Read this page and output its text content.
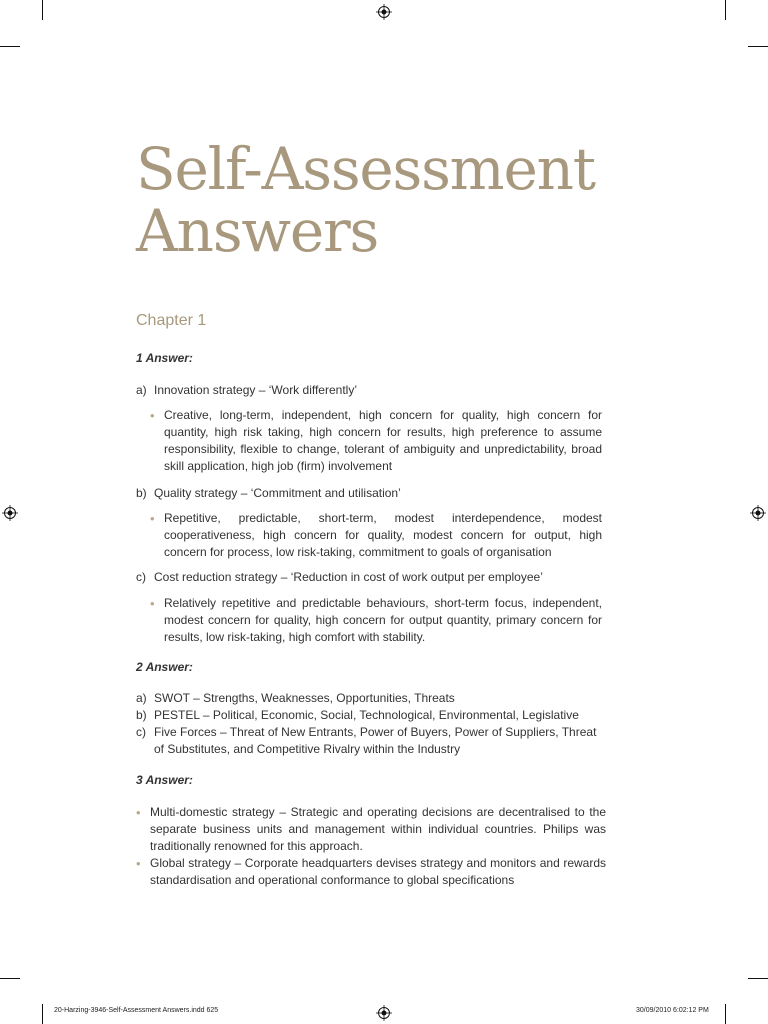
Self-Assessment
Answers
Chapter 1
1 Answer:
a) Innovation strategy – ‘Work differently’
• Creative, long-term, independent, high concern for quality, high concern for quantity, high risk taking, high concern for results, high preference to assume responsibility, flexible to change, tolerant of ambiguity and unpredictability, broad skill application, high job (firm) involvement
b) Quality strategy – ‘Commitment and utilisation’
• Repetitive, predictable, short-term, modest interdependence, modest cooperativeness, high concern for quality, modest concern for output, high concern for process, low risk-taking, commitment to goals of organisation
c) Cost reduction strategy – ‘Reduction in cost of work output per employee’
• Relatively repetitive and predictable behaviours, short-term focus, independent, modest concern for quality, high concern for output quantity, primary concern for results, low risk-taking, high comfort with stability.
2 Answer:
a) SWOT – Strengths, Weaknesses, Opportunities, Threats
b) PESTEL – Political, Economic, Social, Technological, Environmental, Legislative
c) Five Forces – Threat of New Entrants, Power of Buyers, Power of Suppliers, Threat of Substitutes, and Competitive Rivalry within the Industry
3 Answer:
• Multi-domestic strategy – Strategic and operating decisions are decentralised to the separate business units and management within individual countries. Philips was traditionally renowned for this approach.
• Global strategy – Corporate headquarters devises strategy and monitors and rewards standardisation and operational conformance to global specifications
20-Harzing-3946-Self-Assessment Answers.indd 625	30/09/2010 6:02:12 PM
